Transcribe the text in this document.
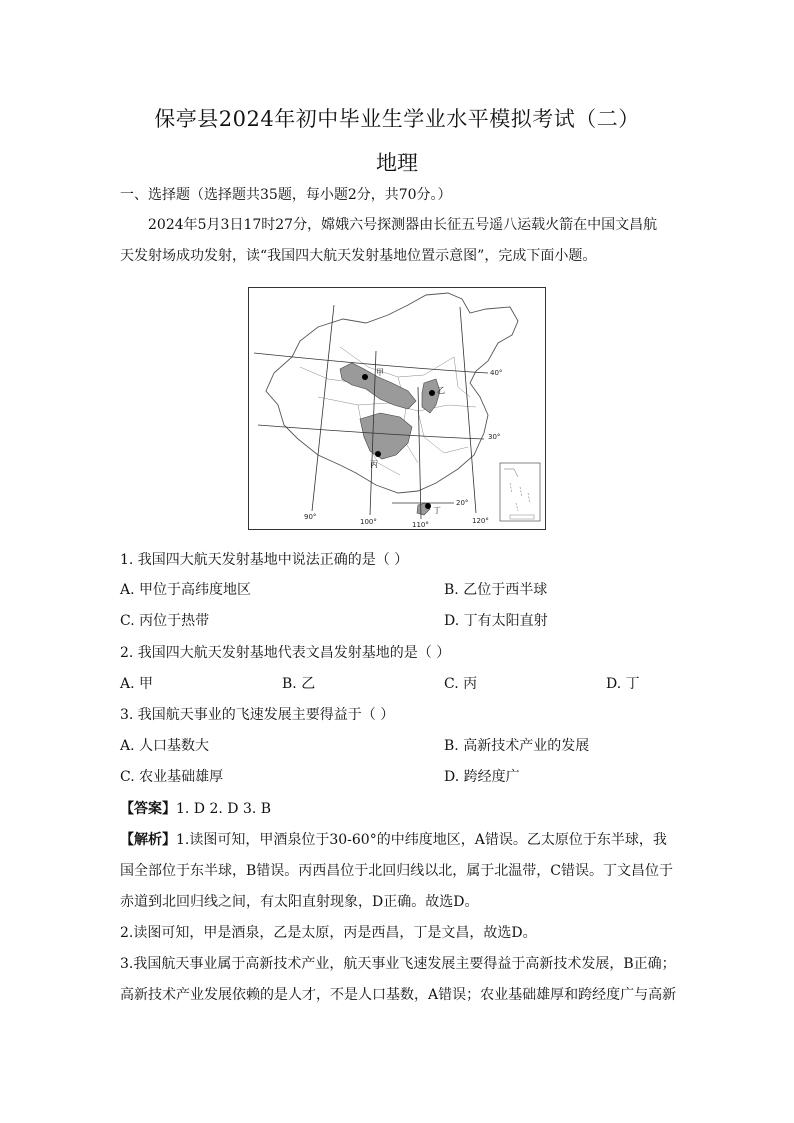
保亭县2024年初中毕业生学业水平模拟考试（二）
地理
一、选择题（选择题共35题，每小题2分，共70分。）
2024年5月3日17时27分，嫦娥六号探测器由长征五号遥八运载火箭在中国文昌航
天发射场成功发射，读“我国四大航天发射基地位置示意图”，完成下面小题。
甲
乙
丙
丁
40°
30°
20°
90°
100°	110°	120°
1. 我国四大航天发射基地中说法正确的是（ ）
A. 甲位于高纬度地区	B. 乙位于西半球
C. 丙位于热带	D. 丁有太阳直射
2. 我国四大航天发射基地代表文昌发射基地的是（ ）
A. 甲	B. 乙	C. 丙	D. 丁
3. 我国航天事业的飞速发展主要得益于（ ）
A. 人口基数大	B. 高新技术产业的发展
C. 农业基础雄厚	D. 跨经度广
【答案】1. D 2. D 3. B
【解析】1.读图可知，甲酒泉位于30-60°的中纬度地区，A错误。乙太原位于东半球，我
国全部位于东半球，B错误。丙西昌位于北回归线以北，属于北温带，C错误。丁文昌位于
赤道到北回归线之间，有太阳直射现象，D正确。故选D。
2.读图可知，甲是酒泉，乙是太原，丙是西昌，丁是文昌，故选D。
3.我国航天事业属于高新技术产业，航天事业飞速发展主要得益于高新技术发展，B正确；
高新技术产业发展依赖的是人才，不是人口基数，A错误；农业基础雄厚和跨经度广与高新
